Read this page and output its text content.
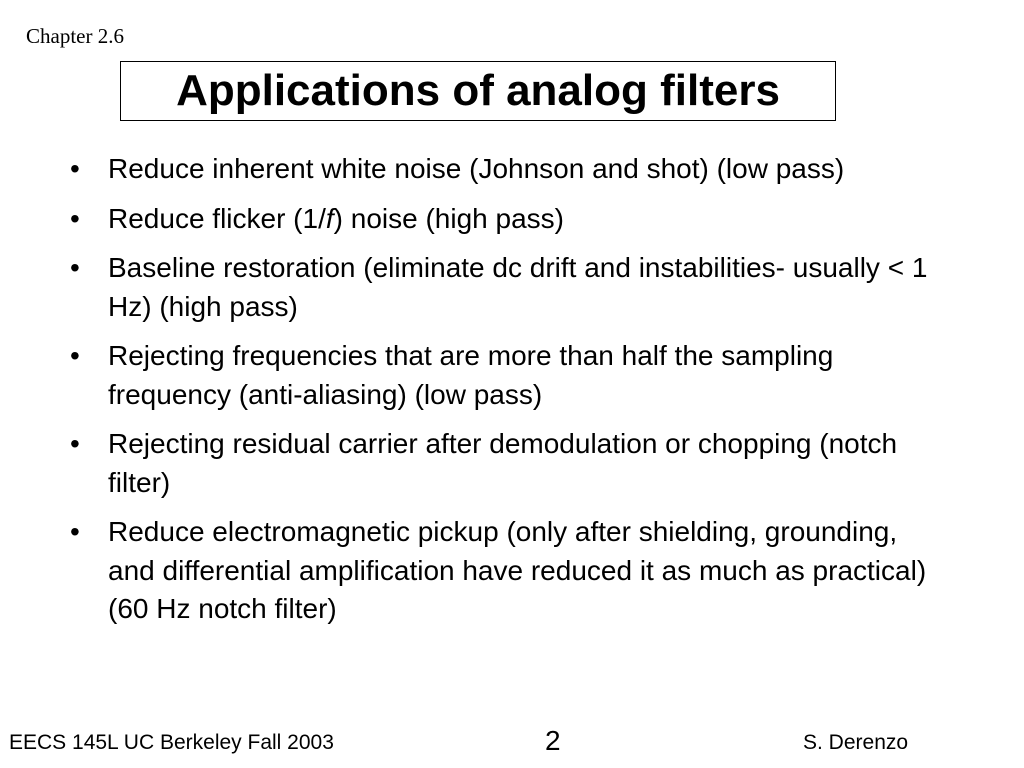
Chapter 2.6
Applications of analog filters
•	Reduce inherent white noise (Johnson and shot) (low pass)
•	Reduce flicker (1/f) noise (high pass)
•	Baseline restoration (eliminate dc drift and instabilities- usually < 1 Hz) (high pass)
•	Rejecting frequencies that are more than half the sampling frequency (anti-aliasing) (low pass)
•	Rejecting residual carrier after demodulation or chopping (notch filter)
•	Reduce electromagnetic pickup (only after shielding, grounding, and differential amplification have reduced it as much as practical) (60 Hz notch filter)
EECS 145L UC Berkeley Fall 2003	2	S. Derenzo
